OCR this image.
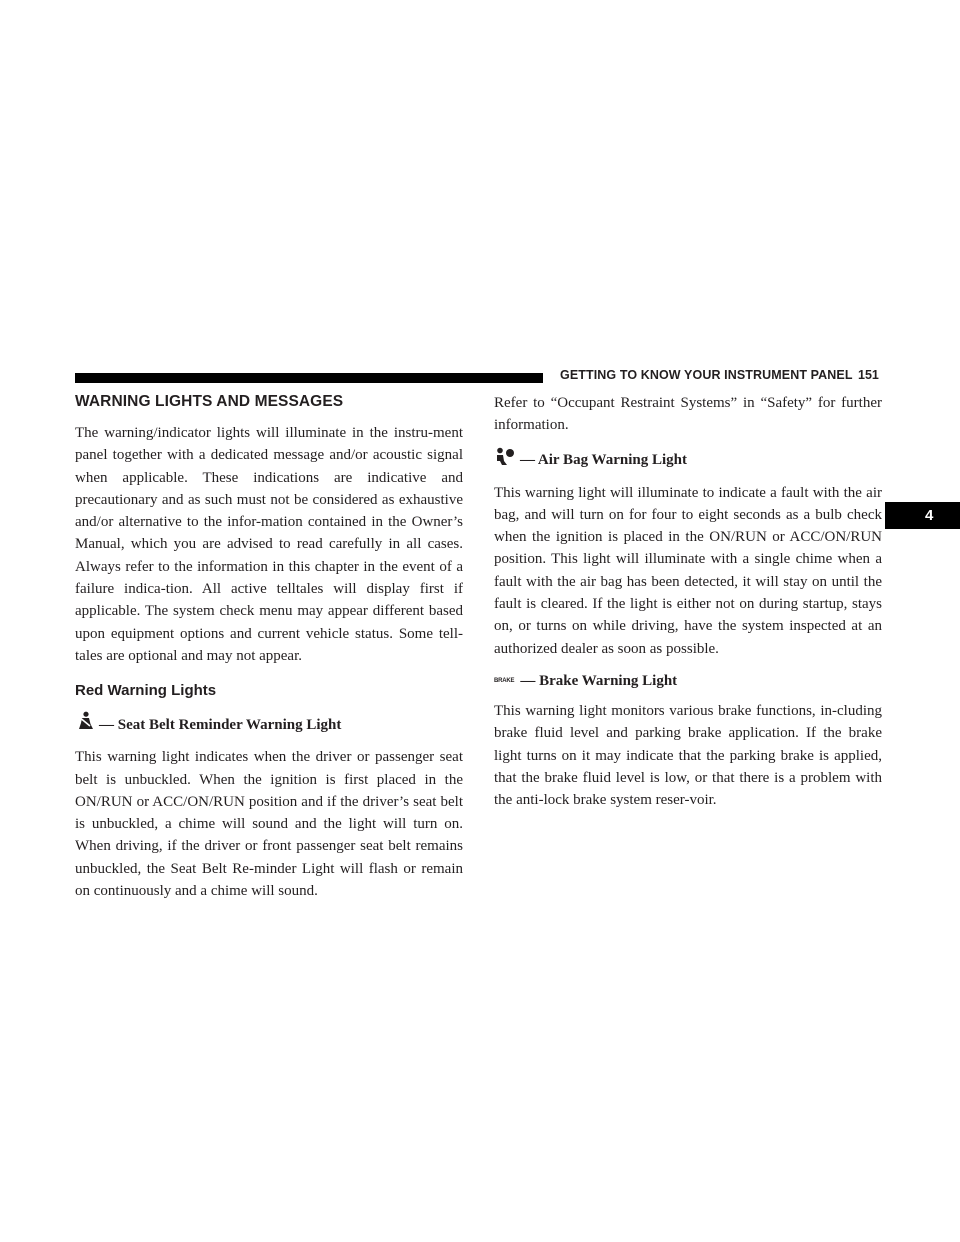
GETTING TO KNOW YOUR INSTRUMENT PANEL 151
4
WARNING LIGHTS AND MESSAGES

The warning/indicator lights will illuminate in the instru-ment panel together with a dedicated message and/or acoustic signal when applicable. These indications are indicative and precautionary and as such must not be considered as exhaustive and/or alternative to the infor-mation contained in the Owner’s Manual, which you are advised to read carefully in all cases. Always refer to the information in this chapter in the event of a failure indica-tion. All active telltales will display first if applicable. The system check menu may appear different based upon equipment options and current vehicle status. Some tell-tales are optional and may not appear.

Red Warning Lights
— Seat Belt Reminder Warning Light

This warning light indicates when the driver or passenger seat belt is unbuckled. When the ignition is first placed in the ON/RUN or ACC/ON/RUN position and if the driver’s seat belt is unbuckled, a chime will sound and the light will turn on. When driving, if the driver or front passenger seat belt remains unbuckled, the Seat Belt Re-minder Light will flash or remain on continuously and a chime will sound.

Refer to “Occupant Restraint Systems” in “Safety” for further information.

— Air Bag Warning Light

This warning light will illuminate to indicate a fault with the air bag, and will turn on for four to eight seconds as a bulb check when the ignition is placed in the ON/RUN or ACC/ON/RUN position. This light will illuminate with a single chime when a fault with the air bag has been detected, it will stay on until the fault is cleared. If the light is either not on during startup, stays on, or turns on while driving, have the system inspected at an authorized dealer as soon as possible.

BRAKE — Brake Warning Light

This warning light monitors various brake functions, in-cluding brake fluid level and parking brake application. If the brake light turns on it may indicate that the parking brake is applied, that the brake fluid level is low, or that there is a problem with the anti-lock brake system reser-voir.
